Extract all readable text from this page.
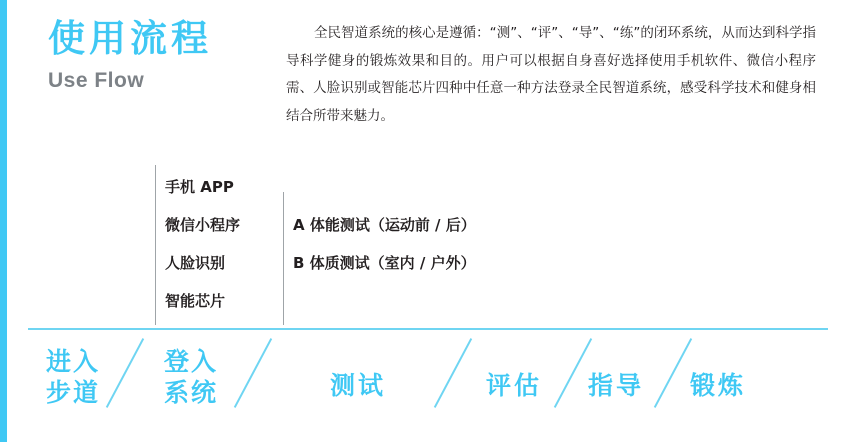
使用流程
Use Flow
全民智道系统的核心是遵循：“测”、“评”、“导”、“练”的闭环系统，从而达到科学指导科学健身的锻炼效果和目的。用户可以根据自身喜好选择使用手机软件、微信小程序需、人脸识别或智能芯片四种中任意一种方法登录全民智道系统，感受科学技术和健身相结合所带来魅力。
手机 APP
微信小程序
人脸识别
智能芯片
A 体能测试（运动前 / 后）
B 体质测试（室内 / 户外）
进入
步道
登入
系统	测试	评估 指导 锻炼
